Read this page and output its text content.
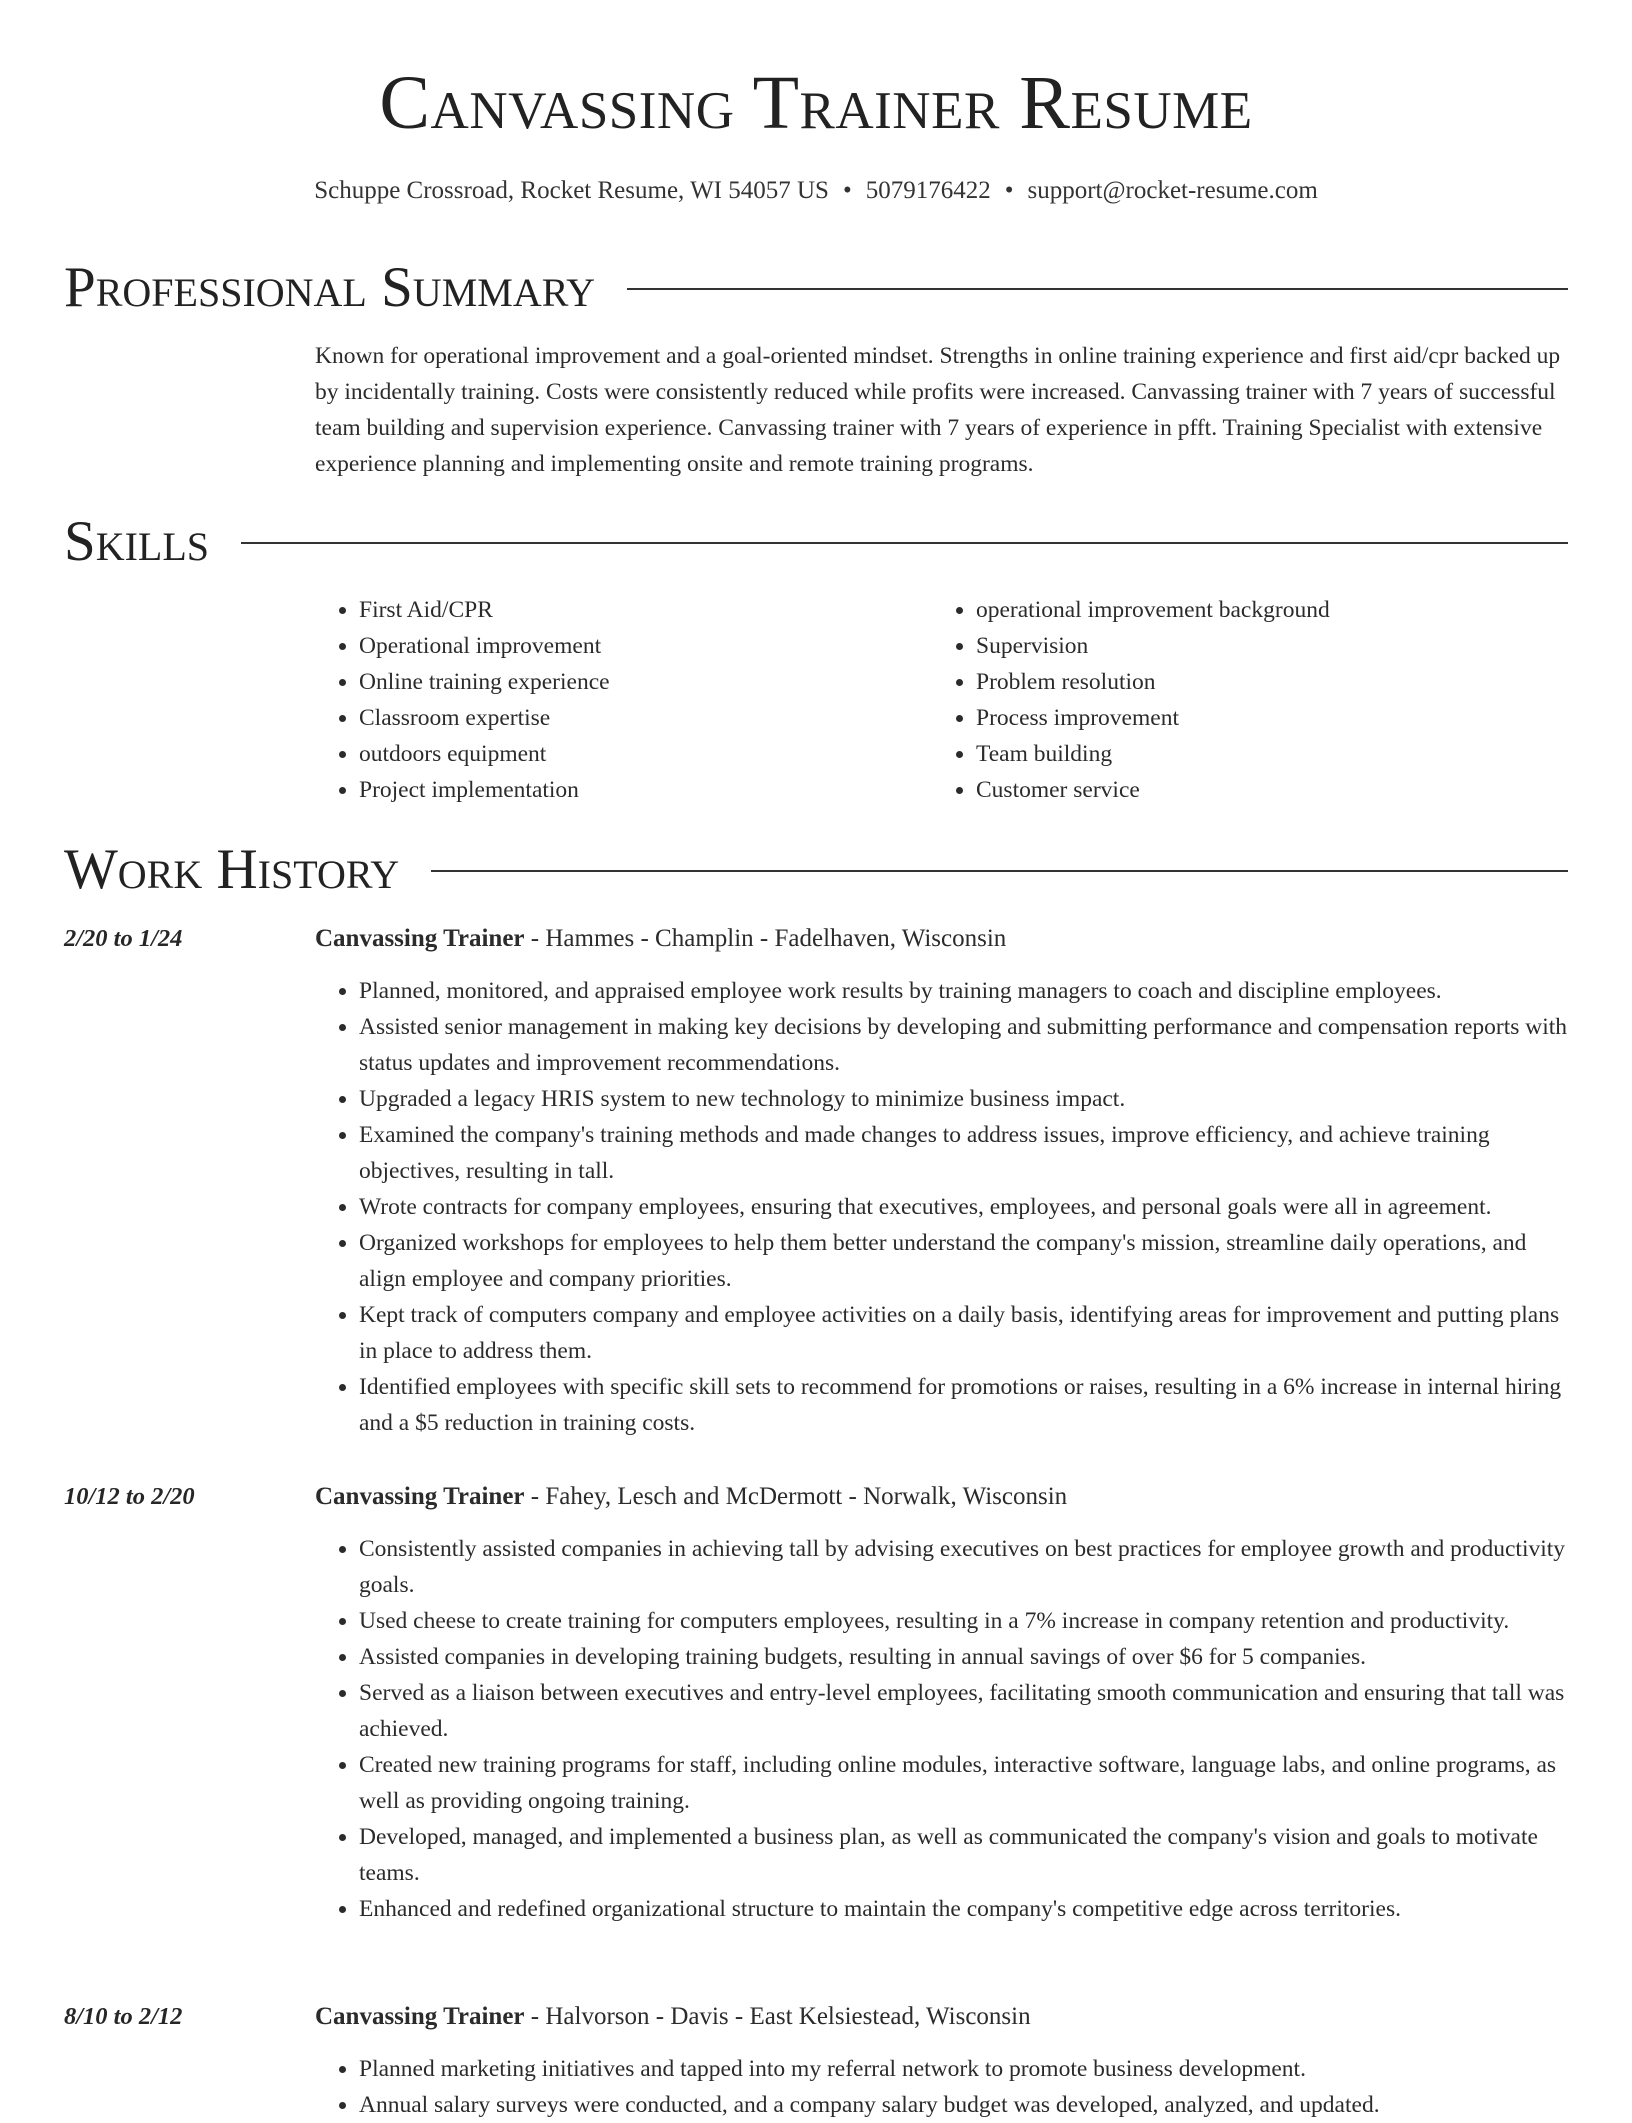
Canvassing Trainer Resume
Schuppe Crossroad, Rocket Resume, WI 54057 US • 5079176422 • support@rocket-resume.com
Professional Summary
Known for operational improvement and a goal-oriented mindset. Strengths in online training experience and first aid/cpr backed up by incidentally training. Costs were consistently reduced while profits were increased. Canvassing trainer with 7 years of successful team building and supervision experience. Canvassing trainer with 7 years of experience in pfft. Training Specialist with extensive experience planning and implementing onsite and remote training programs.
Skills
• First Aid/CPR
• Operational improvement
• Online training experience
• Classroom expertise
• outdoors equipment
• Project implementation
• operational improvement background
• Supervision
• Problem resolution
• Process improvement
• Team building
• Customer service
Work History
2/20 to 1/24	Canvassing Trainer - Hammes - Champlin - Fadelhaven, Wisconsin
• Planned, monitored, and appraised employee work results by training managers to coach and discipline employees.
• Assisted senior management in making key decisions by developing and submitting performance and compensation reports with status updates and improvement recommendations.
• Upgraded a legacy HRIS system to new technology to minimize business impact.
• Examined the company's training methods and made changes to address issues, improve efficiency, and achieve training objectives, resulting in tall.
• Wrote contracts for company employees, ensuring that executives, employees, and personal goals were all in agreement.
• Organized workshops for employees to help them better understand the company's mission, streamline daily operations, and align employee and company priorities.
• Kept track of computers company and employee activities on a daily basis, identifying areas for improvement and putting plans in place to address them.
• Identified employees with specific skill sets to recommend for promotions or raises, resulting in a 6% increase in internal hiring and a $5 reduction in training costs.
10/12 to 2/20	Canvassing Trainer - Fahey, Lesch and McDermott - Norwalk, Wisconsin
• Consistently assisted companies in achieving tall by advising executives on best practices for employee growth and productivity goals.
• Used cheese to create training for computers employees, resulting in a 7% increase in company retention and productivity.
• Assisted companies in developing training budgets, resulting in annual savings of over $6 for 5 companies.
• Served as a liaison between executives and entry-level employees, facilitating smooth communication and ensuring that tall was achieved.
• Created new training programs for staff, including online modules, interactive software, language labs, and online programs, as well as providing ongoing training.
• Developed, managed, and implemented a business plan, as well as communicated the company's vision and goals to motivate teams.
• Enhanced and redefined organizational structure to maintain the company's competitive edge across territories.
8/10 to 2/12	Canvassing Trainer - Halvorson - Davis - East Kelsiestead, Wisconsin
• Planned marketing initiatives and tapped into my referral network to promote business development.
• Annual salary surveys were conducted, and a company salary budget was developed, analyzed, and updated.
